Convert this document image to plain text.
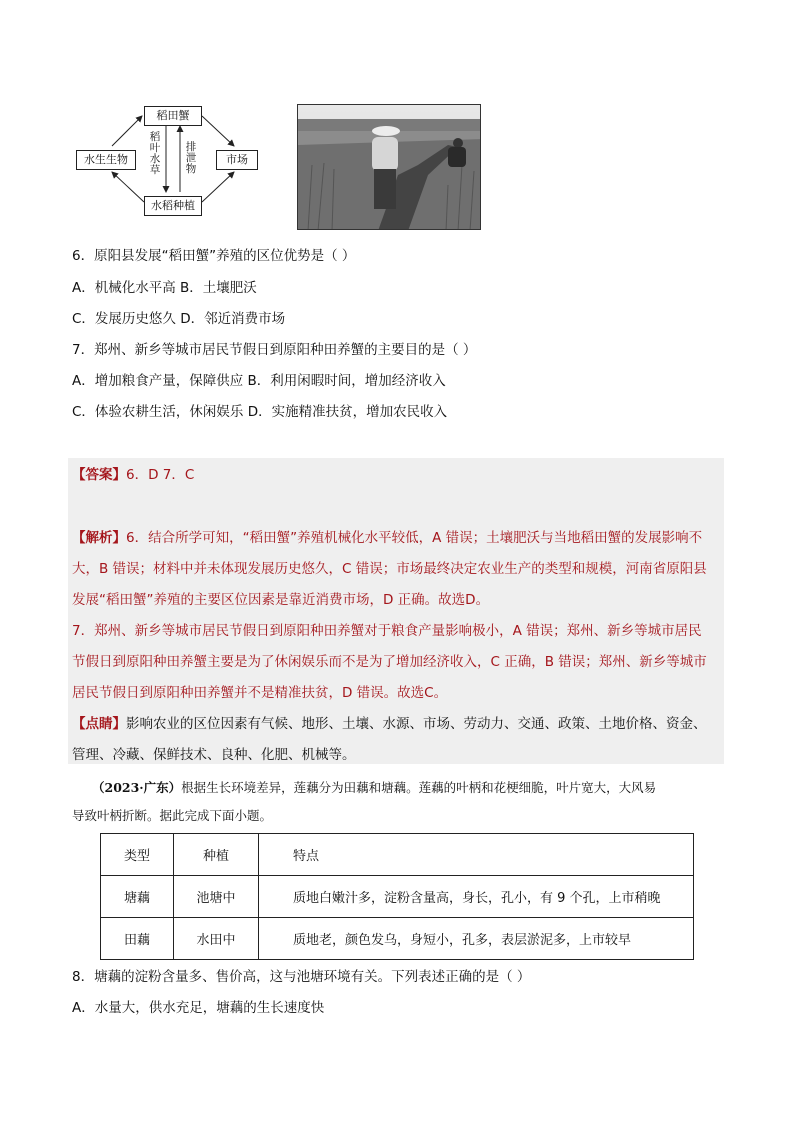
稻田蟹
水生生物	市场
水稻种植
稻
叶
水
草
排
泄
物
6．原阳县发展“稻田蟹”养殖的区位优势是（ ）
A．机械化水平高 B．土壤肥沃
C．发展历史悠久 D．邻近消费市场
7．郑州、新乡等城市居民节假日到原阳种田养蟹的主要目的是（ ）
A．增加粮食产量，保障供应 B．利用闲暇时间，增加经济收入
C．体验农耕生活，休闲娱乐 D．实施精准扶贫，增加农民收入
【答案】6．D 7．C
【解析】6．结合所学可知，“稻田蟹”养殖机械化水平较低，A 错误；土壤肥沃与当地稻田蟹的发展影响不
大，B 错误；材料中并未体现发展历史悠久，C 错误；市场最终决定农业生产的类型和规模，河南省原阳县
发展“稻田蟹”养殖的主要区位因素是靠近消费市场，D 正确。故选D。
7．郑州、新乡等城市居民节假日到原阳种田养蟹对于粮食产量影响极小，A 错误；郑州、新乡等城市居民
节假日到原阳种田养蟹主要是为了休闲娱乐而不是为了增加经济收入，C 正确，B 错误；郑州、新乡等城市
居民节假日到原阳种田养蟹并不是精准扶贫，D 错误。故选C。
【点睛】影响农业的区位因素有气候、地形、土壤、水源、市场、劳动力、交通、政策、土地价格、资金、
管理、冷藏、保鲜技术、良种、化肥、机械等。
（2023·广东）根据生长环境差异，莲藕分为田藕和塘藕。莲藕的叶柄和花梗细脆，叶片宽大，大风易
导致叶柄折断。据此完成下面小题。
类型	种植	特点
塘藕	池塘中	质地白嫩汁多，淀粉含量高，身长，孔小，有 9 个孔，上市稍晚
田藕	水田中	质地老，颜色发乌，身短小，孔多，表层淤泥多，上市较早
8．塘藕的淀粉含量多、售价高，这与池塘环境有关。下列表述正确的是（ ）
A．水量大，供水充足，塘藕的生长速度快
